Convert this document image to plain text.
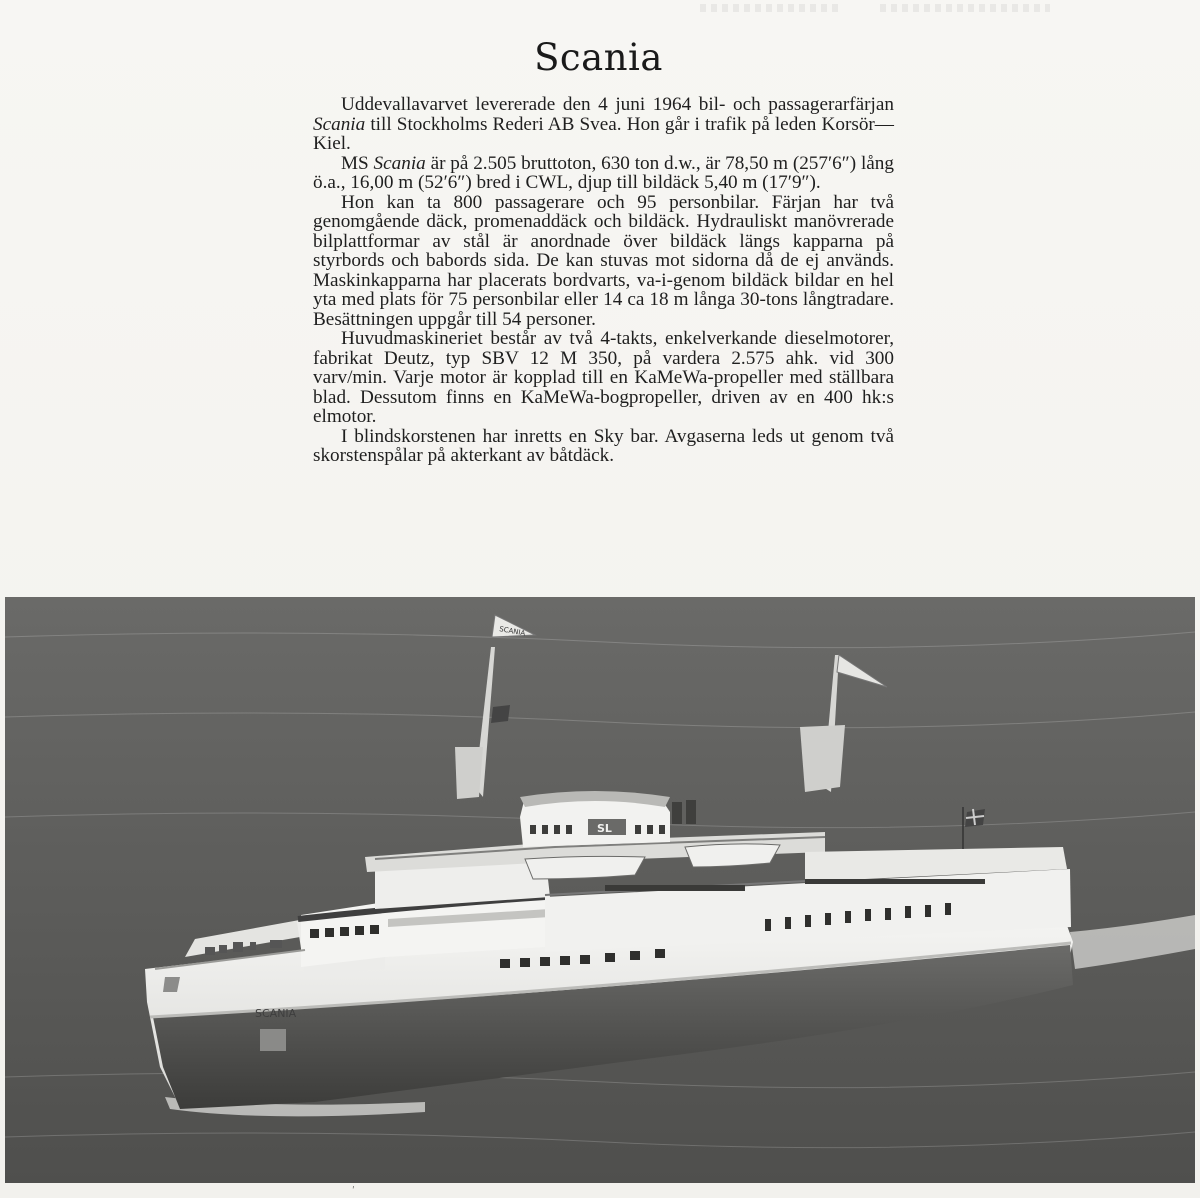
Scania

Uddevallavarvet levererade den 4 juni 1964 bil- och passagerarfärjan Scania till Stockholms Rederi AB Svea. Hon går i trafik på leden Korsör—Kiel.

MS Scania är på 2.505 bruttoton, 630 ton d.w., är 78,50 m (257′6″) lång ö.a., 16,00 m (52′6″) bred i CWL, djup till bildäck 5,40 m (17′9″).

Hon kan ta 800 passagerare och 95 personbilar. Färjan har två genomgående däck, promenaddäck och bildäck. Hydrauliskt manövrerade bilplattformar av stål är anordnade över bildäck längs kapparna på styrbords och babords sida. De kan stuvas mot sidorna då de ej används. Maskinkapparna har placerats bordvarts, va-i-genom bildäck bildar en hel yta med plats för 75 personbilar eller 14 ca 18 m långa 30-tons långtradare. Besättningen uppgår till 54 personer.

Huvudmaskineriet består av två 4-takts, enkelverkande dieselmotorer, fabrikat Deutz, typ SBV 12 M 350, på vardera 2.575 ahk. vid 300 varv/min. Varje motor är kopplad till en KaMeWa-propeller med ställbara blad. Dessutom finns en KaMeWa-bogpropeller, driven av en 400 hk:s elmotor.

I blindskorstenen har inretts en Sky bar. Avgaserna leds ut genom två skorstenspålar på akterkant av båtdäck.

SCANIA
SL
SCANIA
ʹ
